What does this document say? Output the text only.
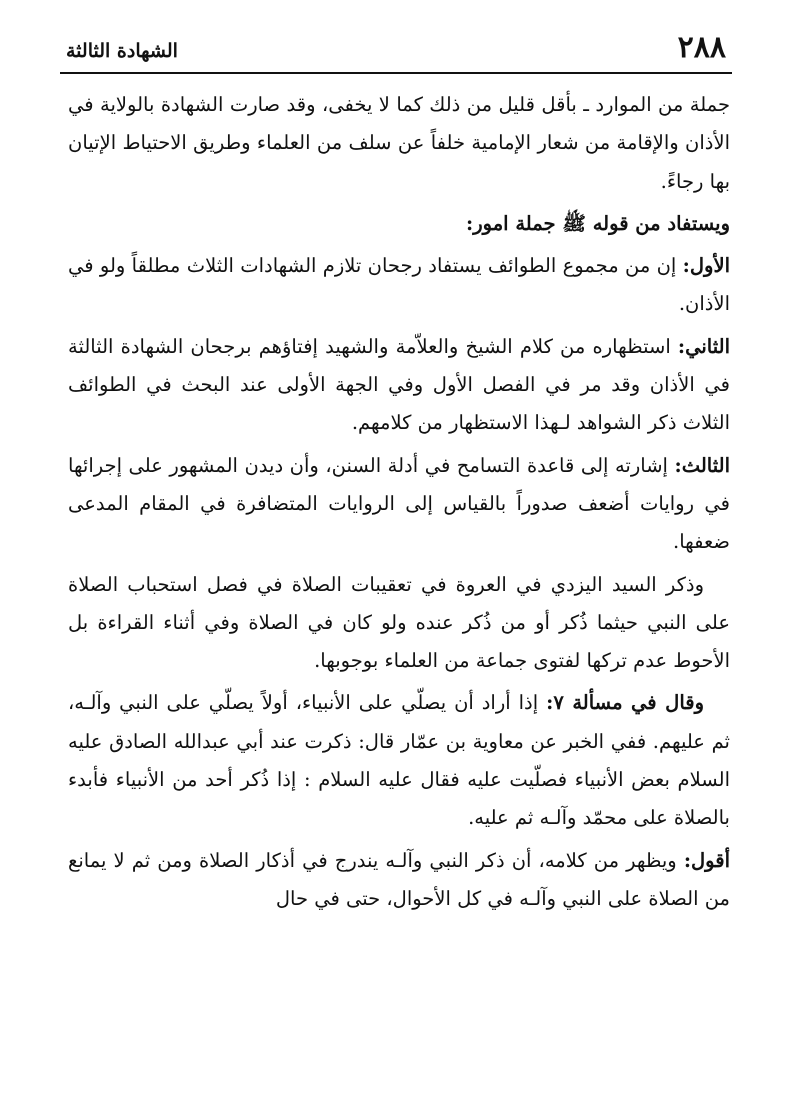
٢٨٨
الشهادة الثالثة

جملة من الموارد ـ بأقل قليل من ذلك كما لا يخفى، وقد صارت الشهادة بالولاية في الأذان والإقامة من شعار الإمامية خلفاً عن سلف من العلماء وطريق الاحتياط الإتيان بها رجاءً.

ويستفاد من قوله ﷺ جملة امور:

الأول: إن من مجموع الطوائف يستفاد رجحان تلازم الشهادات الثلاث مطلقاً ولو في الأذان.

الثاني: استظهاره من كلام الشيخ والعلاّمة والشهيد إفتاؤهم برجحان الشهادة الثالثة في الأذان وقد مر في الفصل الأول وفي الجهة الأولى عند البحث في الطوائف الثلاث ذكر الشواهد لـهذا الاستظهار من كلامهم.

الثالث: إشارته إلى قاعدة التسامح في أدلة السنن، وأن ديدن المشهور على إجرائها في روايات أضعف صدوراً بالقياس إلى الروايات المتضافرة في المقام المدعى ضعفها.

وذكر السيد اليزدي في العروة في تعقيبات الصلاة في فصل استحباب الصلاة على النبي حيثما ذُكر أو من ذُكر عنده ولو كان في الصلاة وفي أثناء القراءة بل الأحوط عدم تركها لفتوى جماعة من العلماء بوجوبها.

وقال في مسألة ٧: إذا أراد أن يصلّي على الأنبياء، أولاً يصلّي على النبي وآلـه، ثم عليهم. ففي الخبر عن معاوية بن عمّار قال: ذكرت عند أبي عبدالله الصادق عليه السلام بعض الأنبياء فصلّيت عليه فقال عليه السلام : إذا ذُكر أحد من الأنبياء فأبدء بالصلاة على محمّد وآلـه ثم عليه.

أقول: ويظهر من كلامه، أن ذكر النبي وآلـه يندرج في أذكار الصلاة ومن ثم لا يمانع من الصلاة على النبي وآلـه في كل الأحوال، حتى في حال
